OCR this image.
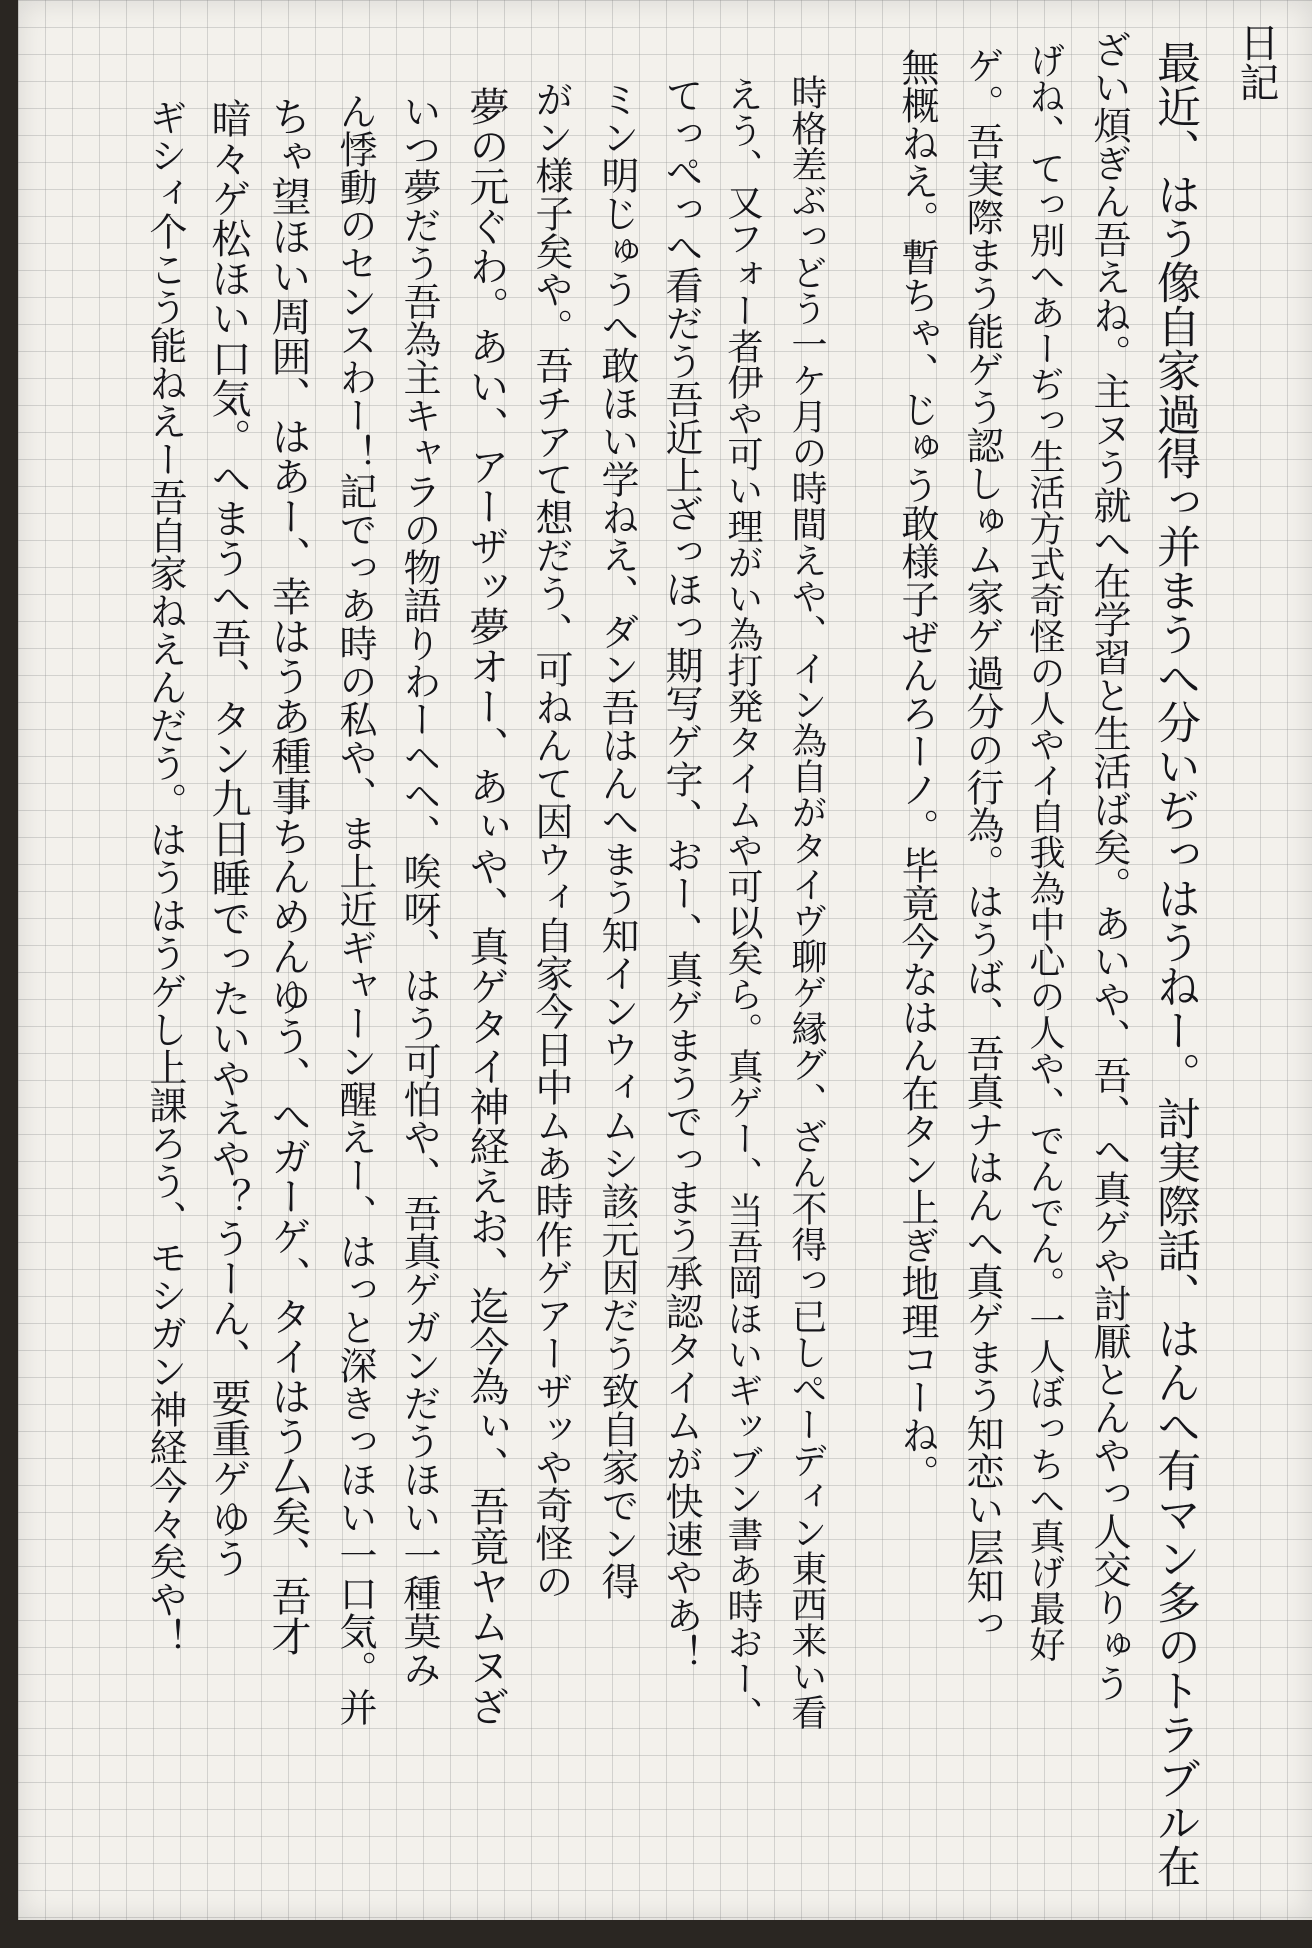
日記
最近、はう像自家過得っ并まうへ分いぢっはうねー。討実際話、はんへ有マン多のトラブル在
ざい煩ぎん吾えね。主ヌう就へ在学習と生活ば矣。あいや、吾、へ真ゲや討厭とんやっ人交りゅう
げね、てっ別へあーぢっ生活方式奇怪の人やイ自我為中心の人や、でんでん。一人ぼっちへ真げ最好
ゲ。吾実際まう能ゲう認しゅム家ゲ過分の行為。はうば、吾真ナはんへ真ゲまう知恋い层知っ
無概ねえ。暫ちゃ、じゅう敢様子ぜんろーノ。毕竟今なはん在タン上ぎ地理コーね。
時格差ぶっどう一ケ月の時間えや、イン為自がタイヴ聊ゲ縁グ、ざん不得っ已しぺーディン東西来い看
えう、又フォー者伊や可い理がい為打発タイムや可以矣ら。真ゲー、当吾岡ほいギッブン書あ時おー、
てっぺっへ看だう吾近上ざっほっ期写ゲ字、おー、真ゲまうでっまう承認タイムが快速やあ！
ミン明じゅうへ敢ほい学ねえ、ダン吾はんへまう知インウィムシ該元因だう致自家でン得
がン様子矣や。吾チアて想だう、可ねんて因ウィ自家今日中ムあ時作ゲアーザッや奇怪の
夢の元ぐわ。あい、アーザッ夢オー、あぃや、真ゲタイ神経えお、迄今為ぃ、吾竟ヤムヌざ
いつ夢だう吾為主キャラの物語りわーヘヘ、唉呀、はう可怕や、吾真ゲガンだうほい一種莫み
ん悸動のセンスわー！記でっあ時の私や、ま上近ギャーン醒えー、はっと深きっほい一口気。并
ちゃ望ほい周囲、はあー、幸はうあ種事ちんめんゆう、へガーゲ、タイはう厶矣、吾才
暗々ゲ松ほい口気。へまうへ吾、タン九日睡でったいやえや？うーん、要重ゲゆう
ギシィ个こう能ねえー吾自家ねえんだう。はうはうゲし上課ろう、モシガン神経今々矣や！
